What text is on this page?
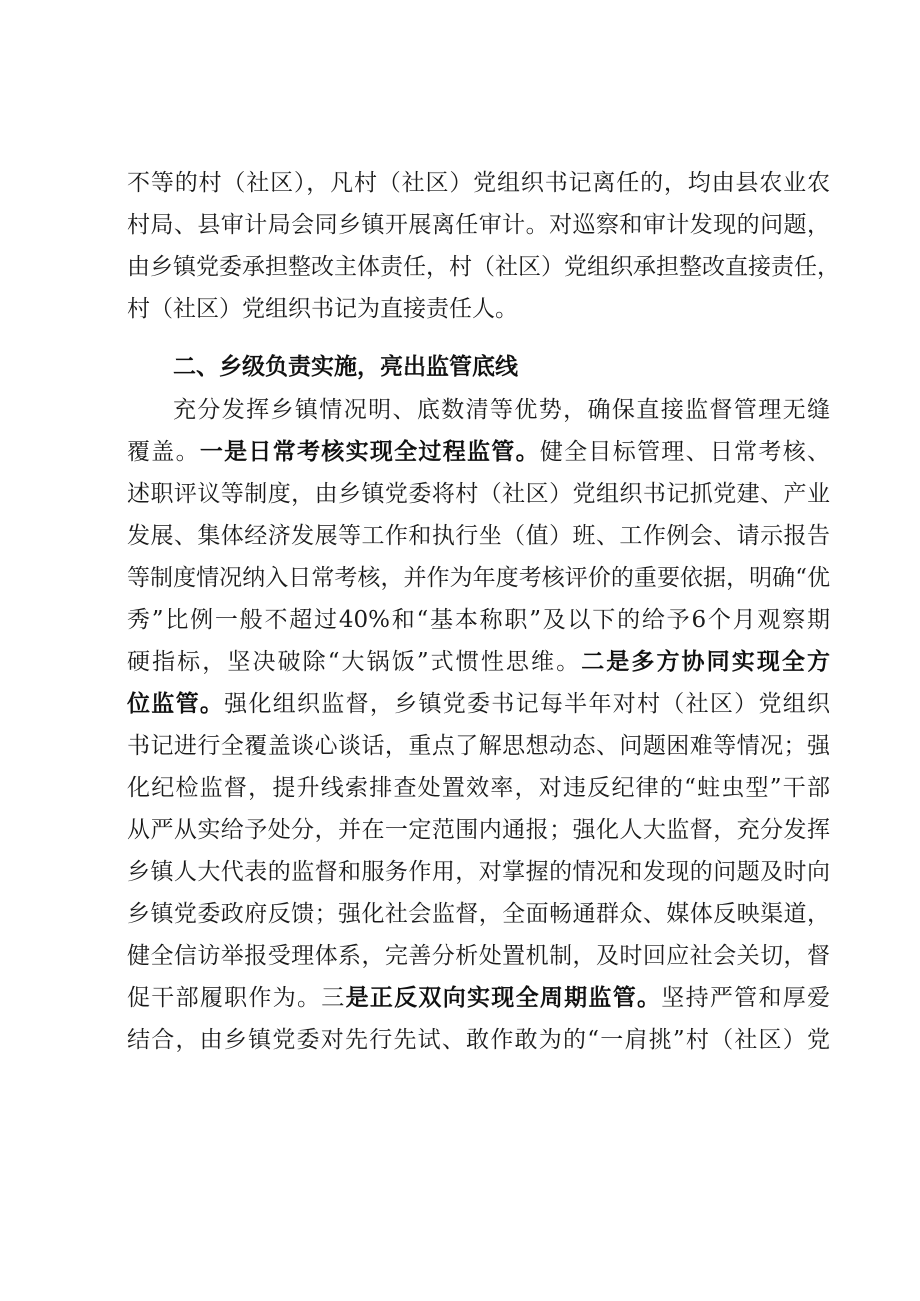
不等的村（社区），凡村（社区）党组织书记离任的，均由县农业农
村局、县审计局会同乡镇开展离任审计。对巡察和审计发现的问题，
由乡镇党委承担整改主体责任，村（社区）党组织承担整改直接责任，
村（社区）党组织书记为直接责任人。
二、乡级负责实施，亮出监管底线
充分发挥乡镇情况明、底数清等优势，确保直接监督管理无缝
覆盖。一是日常考核实现全过程监管。健全目标管理、日常考核、
述职评议等制度，由乡镇党委将村（社区）党组织书记抓党建、产业
发展、集体经济发展等工作和执行坐（值）班、工作例会、请示报告
等制度情况纳入日常考核，并作为年度考核评价的重要依据，明确“优
秀”比例一般不超过40%和“基本称职”及以下的给予6个月观察期
硬指标，坚决破除“大锅饭”式惯性思维。二是多方协同实现全方
位监管。强化组织监督，乡镇党委书记每半年对村（社区）党组织
书记进行全覆盖谈心谈话，重点了解思想动态、问题困难等情况；强
化纪检监督，提升线索排查处置效率，对违反纪律的“蛀虫型”干部
从严从实给予处分，并在一定范围内通报；强化人大监督，充分发挥
乡镇人大代表的监督和服务作用，对掌握的情况和发现的问题及时向
乡镇党委政府反馈；强化社会监督，全面畅通群众、媒体反映渠道，
健全信访举报受理体系，完善分析处置机制，及时回应社会关切，督
促干部履职作为。三是正反双向实现全周期监管。坚持严管和厚爱
结合，由乡镇党委对先行先试、敢作敢为的“一肩挑”村（社区）党
